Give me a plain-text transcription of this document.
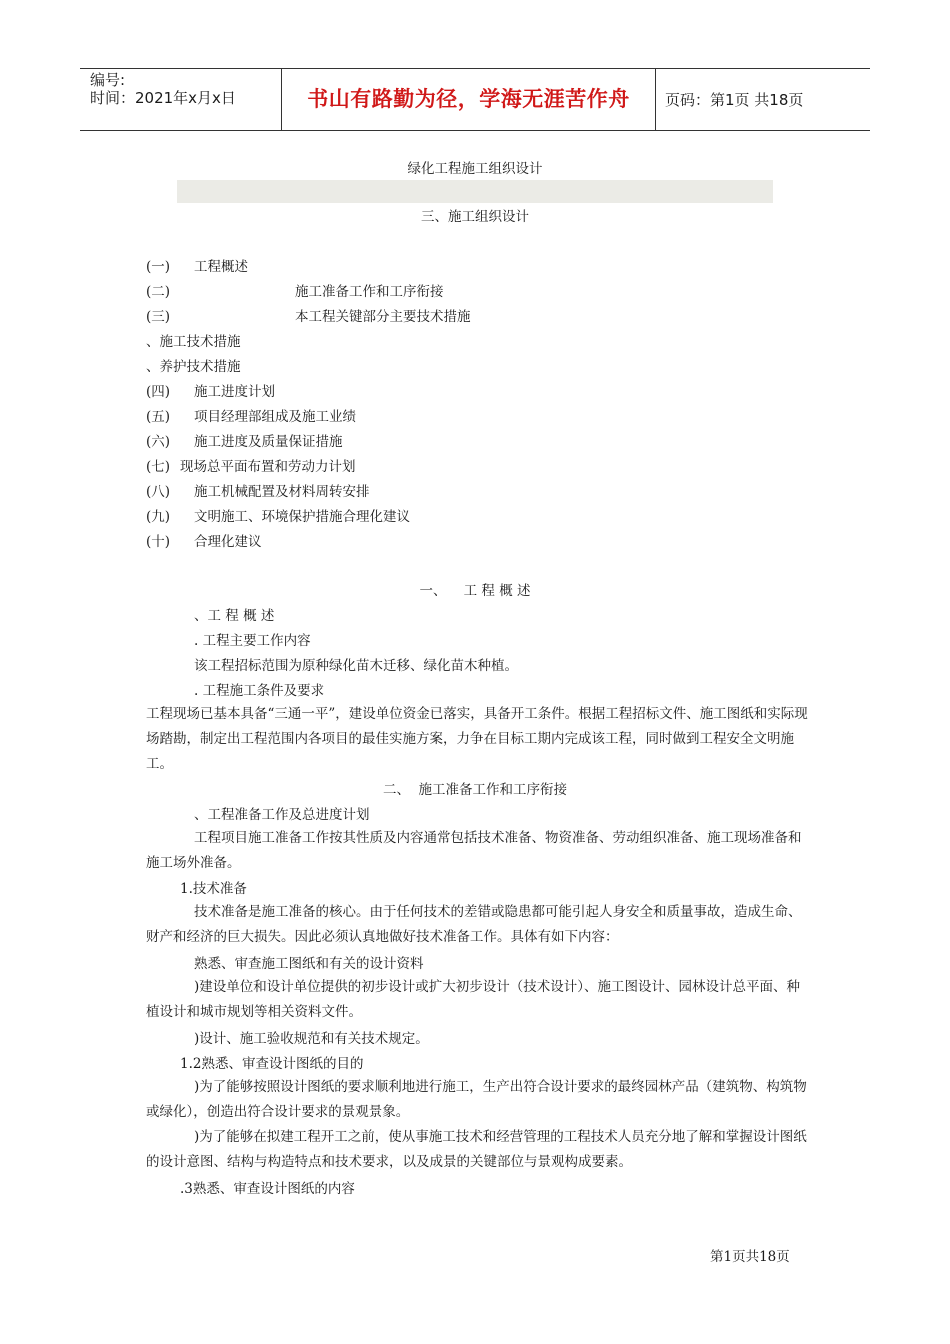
编号:
时间：2021年x月x日	书山有路勤为径，学海无涯苦作舟	页码：第1页 共18页
绿化工程施工组织设计
三、施工组织设计
(一) 工程概述
(二)	施工准备工作和工序衔接
(三)	本工程关键部分主要技术措施
、施工技术措施
、养护技术措施
(四) 施工进度计划
(五) 项目经理部组成及施工业绩
(六) 施工进度及质量保证措施
(七) 现场总平面布置和劳动力计划
(八) 施工机械配置及材料周转安排
(九) 文明施工、环境保护措施合理化建议
(十) 合理化建议
一、    工 程 概 述
、工 程 概 述
. 工程主要工作内容
该工程招标范围为原种绿化苗木迁移、绿化苗木种植。
. 工程施工条件及要求
工程现场已基本具备“三通一平”，建设单位资金已落实，具备开工条件。根据工程招标文件、施工图纸和实际现场踏勘，制定出工程范围内各项目的最佳实施方案，力争在目标工期内完成该工程，同时做到工程安全文明施工。
二、  施工准备工作和工序衔接
、工程准备工作及总进度计划
工程项目施工准备工作按其性质及内容通常包括技术准备、物资准备、劳动组织准备、施工现场准备和施工场外准备。
1.技术准备
技术准备是施工准备的核心。由于任何技术的差错或隐患都可能引起人身安全和质量事故，造成生命、财产和经济的巨大损失。因此必须认真地做好技术准备工作。具体有如下内容：
熟悉、审查施工图纸和有关的设计资料
)建设单位和设计单位提供的初步设计或扩大初步设计（技术设计）、施工图设计、园林设计总平面、种植设计和城市规划等相关资料文件。
)设计、施工验收规范和有关技术规定。
1.2熟悉、审查设计图纸的目的
)为了能够按照设计图纸的要求顺利地进行施工，生产出符合设计要求的最终园林产品（建筑物、构筑物或绿化），创造出符合设计要求的景观景象。
)为了能够在拟建工程开工之前，使从事施工技术和经营管理的工程技术人员充分地了解和掌握设计图纸的设计意图、结构与构造特点和技术要求，以及成景的关键部位与景观构成要素。
.3熟悉、审查设计图纸的内容
第1页共18页
